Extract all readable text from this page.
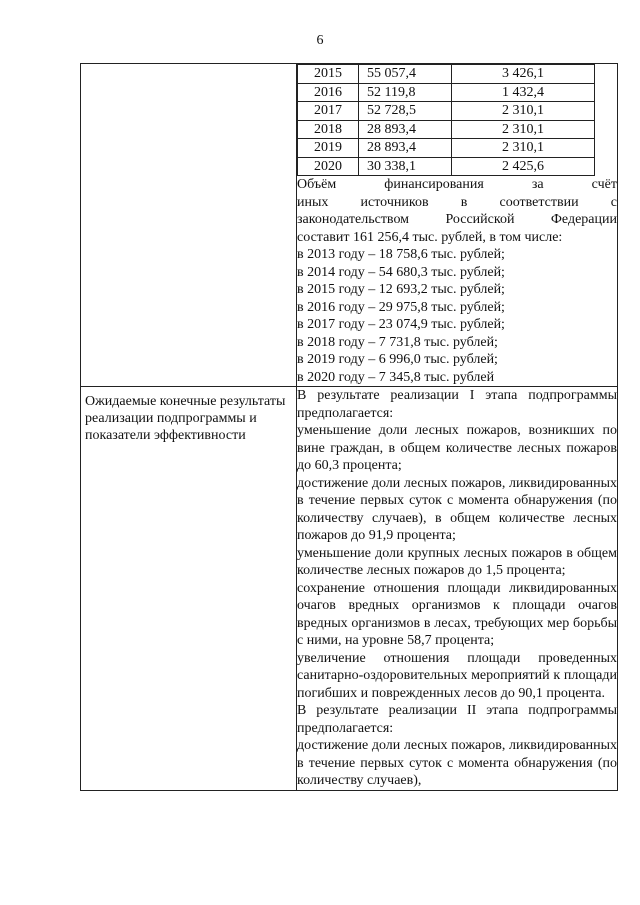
6

2015	55 057,4	3 426,1
2016	52 119,8	1 432,4
2017	52 728,5	2 310,1
2018	28 893,4	2 310,1
2019	28 893,4	2 310,1
2020	30 338,1	2 425,6
Объём	финансирования	за	счёт
иных источников в соответствии с
законодательством	Российской	Федерации
составит 161 256,4 тыс. рублей, в том числе:
в 2013 году – 18 758,6 тыс. рублей;
в 2014 году – 54 680,3 тыс. рублей;
в 2015 году – 12 693,2 тыс. рублей;
в 2016 году – 29 975,8 тыс. рублей;
в 2017 году – 23 074,9 тыс. рублей;
в 2018 году – 7 731,8 тыс. рублей;
в 2019 году – 6 996,0 тыс. рублей;
в 2020 году – 7 345,8 тыс. рублей

Ожидаемые конечные результаты реализации подпрограммы и показатели эффективности

В результате реализации I этапа подпрограммы предполагается:

уменьшение доли лесных пожаров, возникших по вине граждан, в общем количестве лесных пожаров до 60,3 процента;

достижение доли лесных пожаров, ликвидированных в течение первых суток с момента обнаружения (по количеству случаев), в общем количестве лесных пожаров до 91,9 процента;

уменьшение доли крупных лесных пожаров в общем количестве лесных пожаров до 1,5 процента;

сохранение отношения площади ликвидированных очагов вредных организмов к площади очагов вредных организмов в лесах, требующих мер борьбы с ними, на уровне 58,7 процента;

увеличение отношения площади проведенных санитарно-оздоровительных мероприятий к площади погибших и поврежденных лесов до 90,1 процента.

В результате реализации II этапа подпрограммы предполагается:

достижение доли лесных пожаров, ликвидированных в течение первых суток с момента обнаружения (по количеству случаев),
